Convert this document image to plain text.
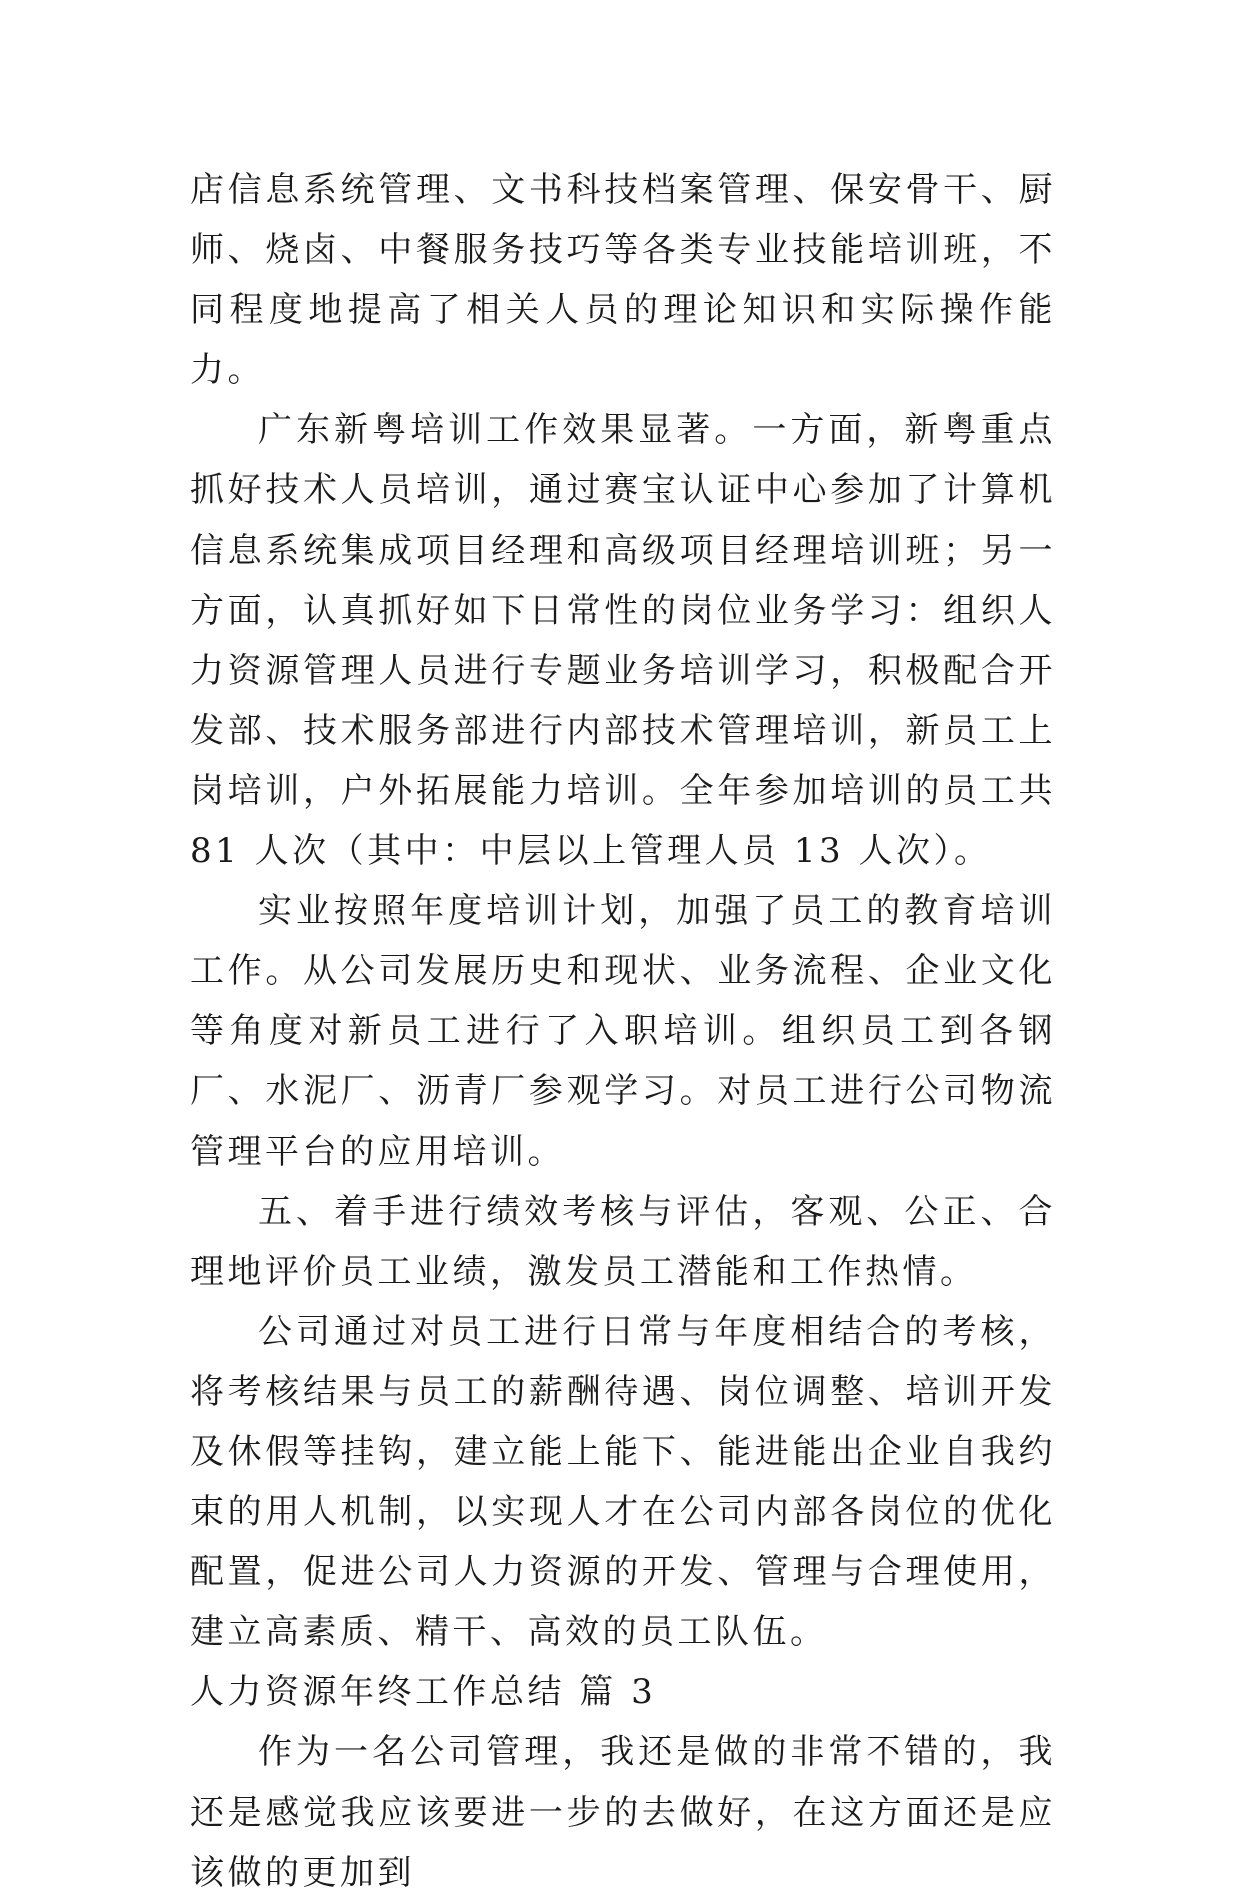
店信息系统管理、文书科技档案管理、保安骨干、厨师、烧卤、中餐服务技巧等各类专业技能培训班，不同程度地提高了相关人员的理论知识和实际操作能力。

广东新粤培训工作效果显著。一方面，新粤重点抓好技术人员培训，通过赛宝认证中心参加了计算机信息系统集成项目经理和高级项目经理培训班；另一方面，认真抓好如下日常性的岗位业务学习：组织人力资源管理人员进行专题业务培训学习，积极配合开发部、技术服务部进行内部技术管理培训，新员工上岗培训，户外拓展能力培训。全年参加培训的员工共 81 人次（其中：中层以上管理人员 13 人次）。

实业按照年度培训计划，加强了员工的教育培训工作。从公司发展历史和现状、业务流程、企业文化等角度对新员工进行了入职培训。组织员工到各钢厂、水泥厂、沥青厂参观学习。对员工进行公司物流管理平台的应用培训。

五、着手进行绩效考核与评估，客观、公正、合理地评价员工业绩，激发员工潜能和工作热情。

公司通过对员工进行日常与年度相结合的考核，将考核结果与员工的薪酬待遇、岗位调整、培训开发及休假等挂钩，建立能上能下、能进能出企业自我约束的用人机制，以实现人才在公司内部各岗位的优化配置，促进公司人力资源的开发、管理与合理使用，建立高素质、精干、高效的员工队伍。

人力资源年终工作总结 篇 3

作为一名公司管理，我还是做的非常不错的，我还是感觉我应该要进一步的去做好，在这方面还是应该做的更加到
